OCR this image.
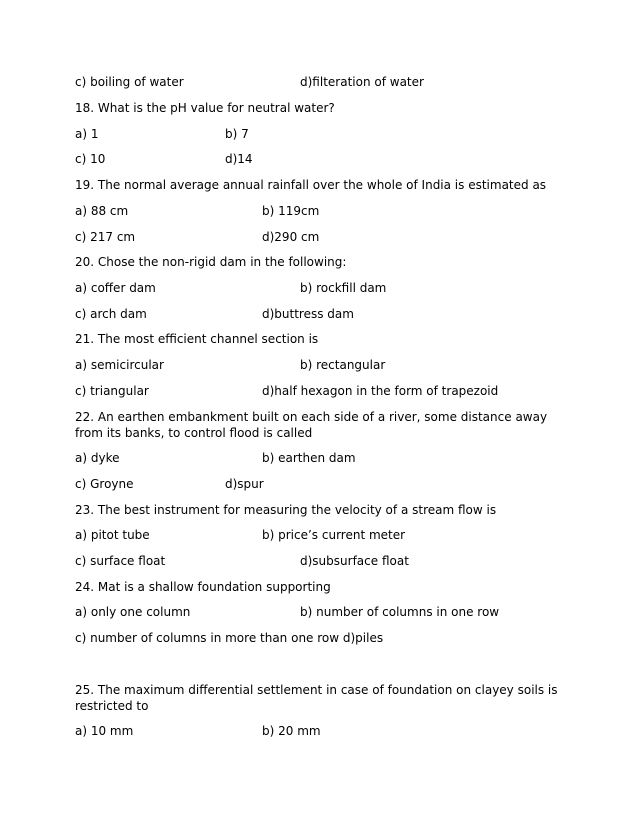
c) boiling of water	d)filteration of water
18. What is the pH value for neutral water?
a) 1	b) 7
c) 10	d)14
19. The normal average annual rainfall over the whole of India is estimated as
a) 88 cm	b) 119cm
c) 217 cm	d)290 cm
20. Chose the non-rigid dam in the following:
a) coffer dam	b) rockfill dam
c) arch dam	d)buttress dam
21. The most efficient channel section is
a) semicircular	b) rectangular
c) triangular	d)half hexagon in the form of trapezoid
22. An earthen embankment built on each side of a river, some distance away from its banks, to control flood is called
a) dyke	b) earthen dam
c) Groyne	d)spur
23. The best instrument for measuring the velocity of a stream flow is
a) pitot tube	b) price’s current meter
c) surface float	d)subsurface float
24. Mat is a shallow foundation supporting
a) only one column	b) number of columns in one row
c) number of columns in more than one row d)piles
25. The maximum differential settlement in case of foundation on clayey soils is restricted to
a) 10 mm	b) 20 mm
